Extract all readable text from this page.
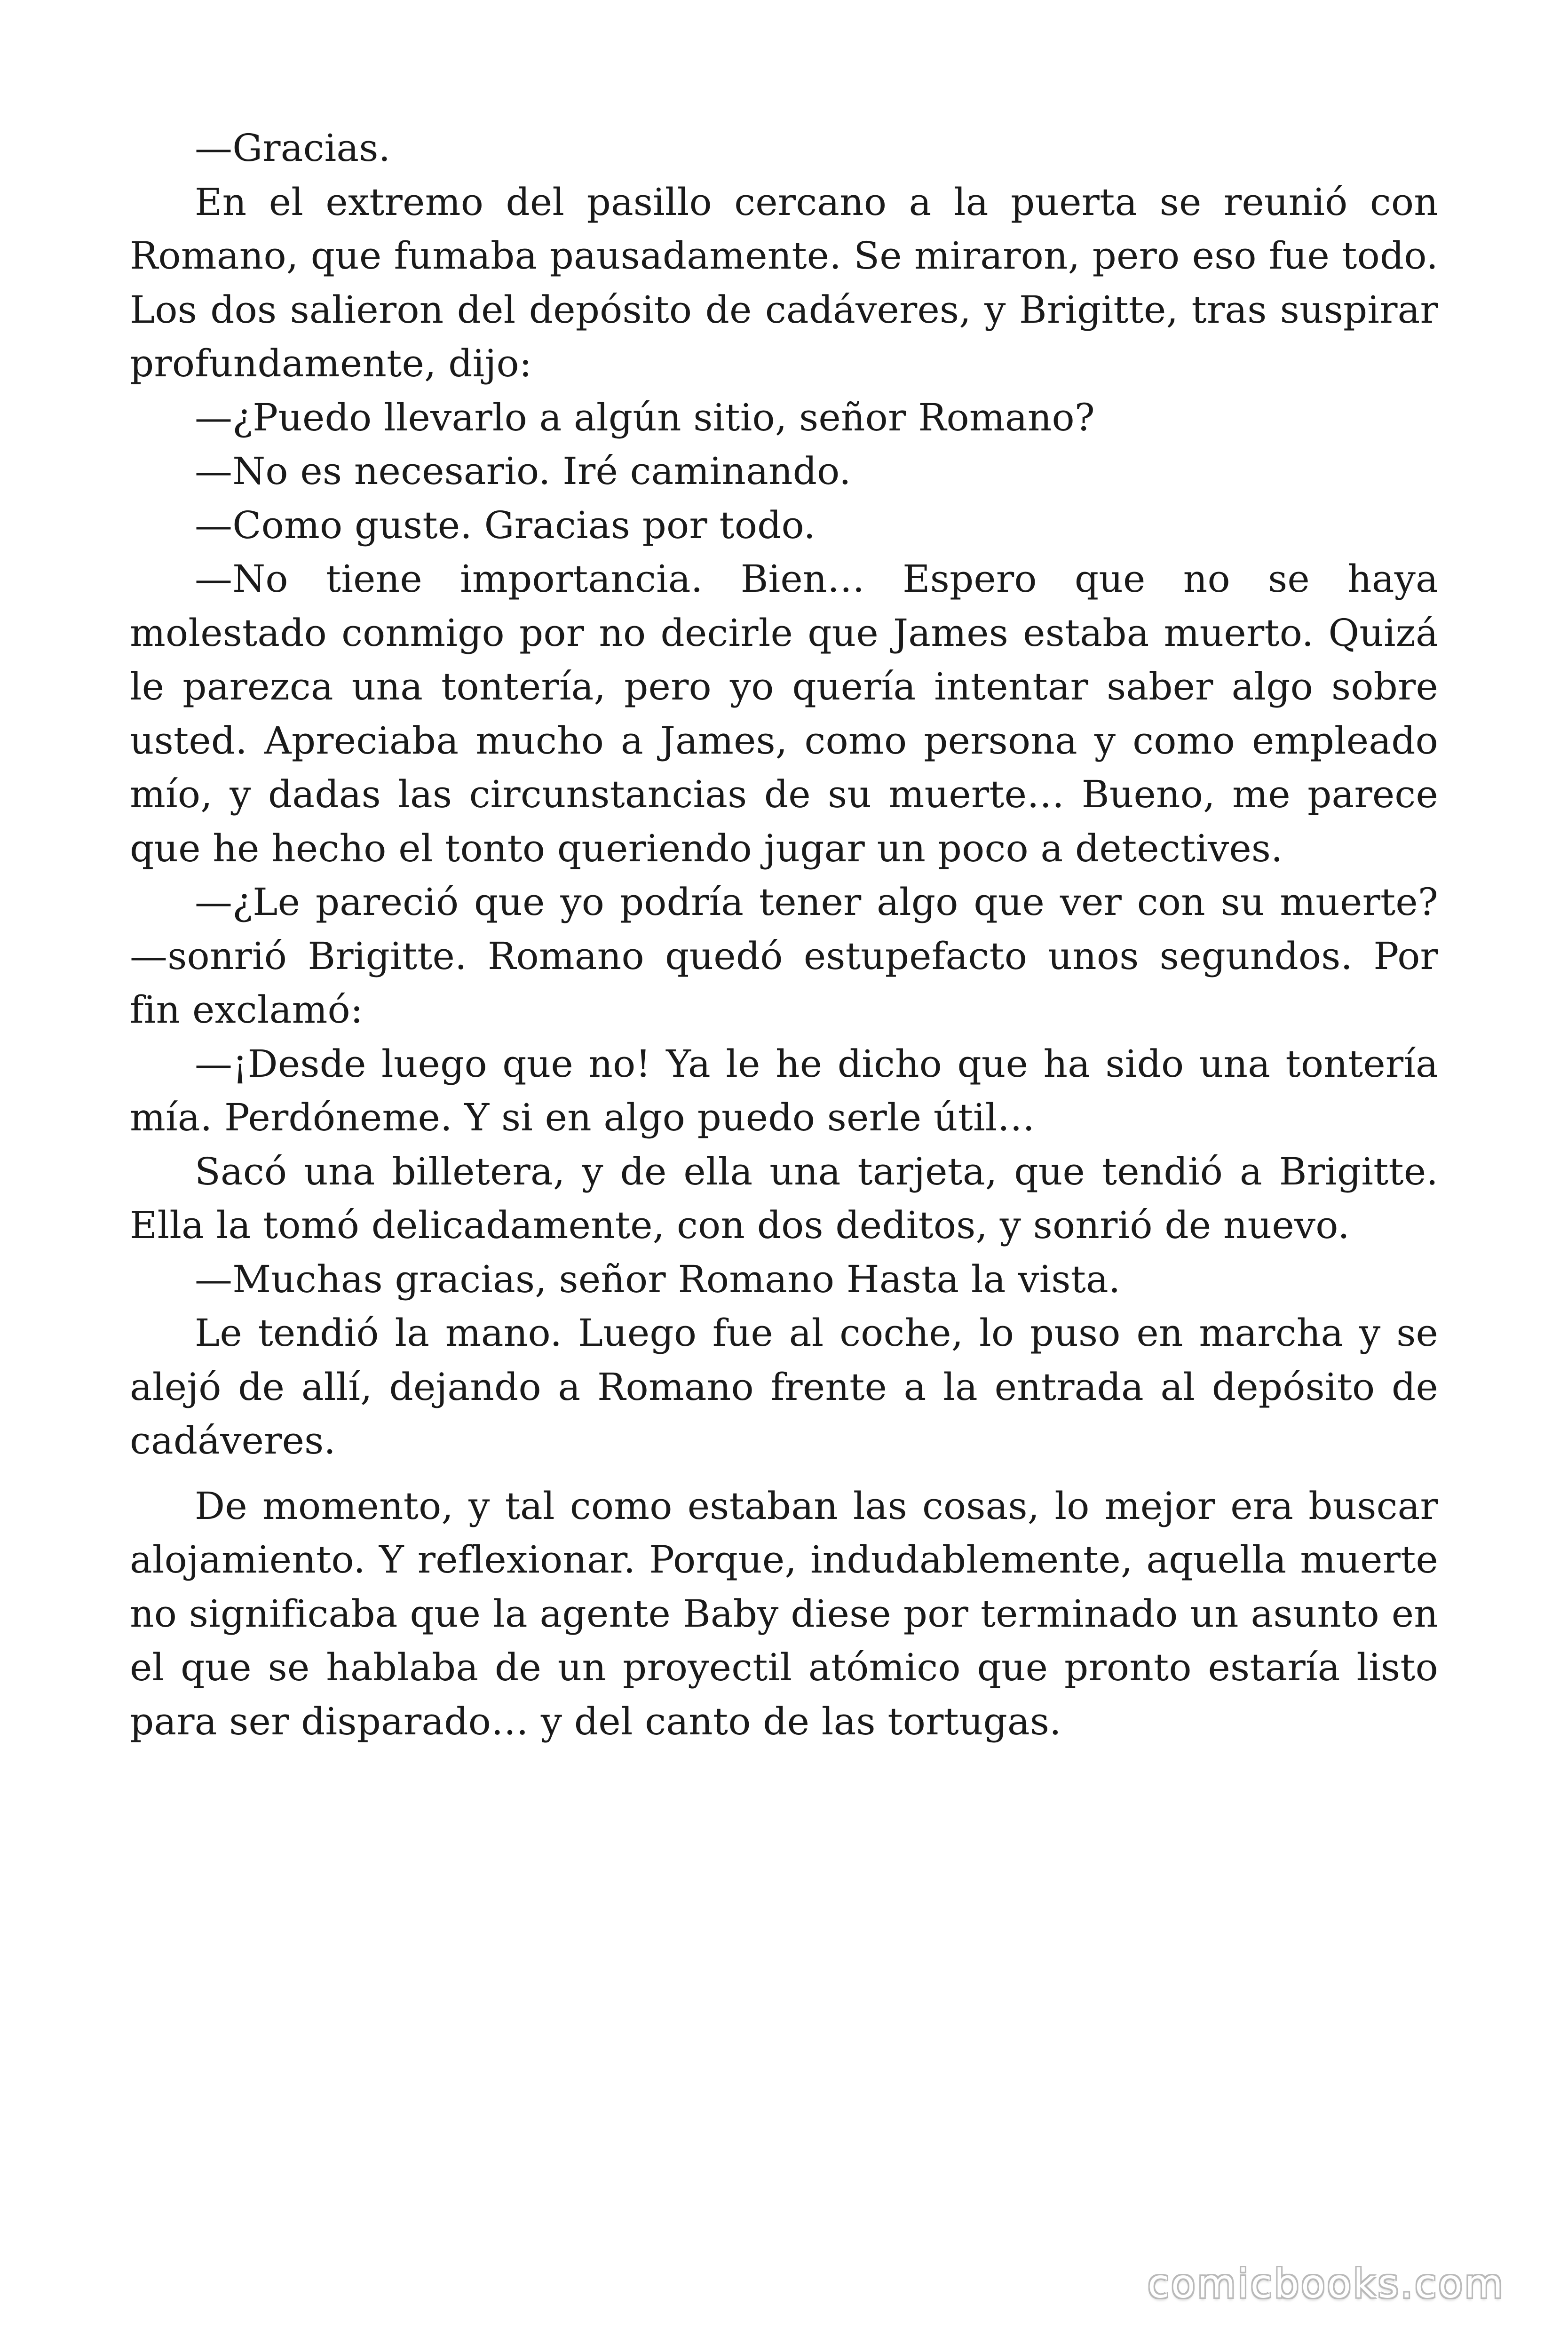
—Gracias.

En el extremo del pasillo cercano a la puerta se reunió con Romano, que fumaba pausadamente. Se miraron, pero eso fue todo. Los dos salieron del depósito de cadáveres, y Brigitte, tras suspirar profundamente, dijo:

—¿Puedo llevarlo a algún sitio, señor Romano?

—No es necesario. Iré caminando.

—Como guste. Gracias por todo.

—No tiene importancia. Bien… Espero que no se haya molestado conmigo por no decirle que James estaba muerto. Quizá le parezca una tontería, pero yo quería intentar saber algo sobre usted. Apreciaba mucho a James, como persona y como empleado mío, y dadas las circunstancias de su muerte… Bueno, me parece que he hecho el tonto queriendo jugar un poco a detectives.

—¿Le pareció que yo podría tener algo que ver con su muerte? —sonrió Brigitte. Romano quedó estupefacto unos segundos. Por fin exclamó:

—¡Desde luego que no! Ya le he dicho que ha sido una tontería mía. Perdóneme. Y si en algo puedo serle útil…

Sacó una billetera, y de ella una tarjeta, que tendió a Brigitte. Ella la tomó delicadamente, con dos deditos, y sonrió de nuevo.

—Muchas gracias, señor Romano Hasta la vista.

Le tendió la mano. Luego fue al coche, lo puso en marcha y se alejó de allí, dejando a Romano frente a la entrada al depósito de cadáveres.

De momento, y tal como estaban las cosas, lo mejor era buscar alojamiento. Y reflexionar. Porque, indudablemente, aquella muerte no significaba que la agente Baby diese por terminado un asunto en el que se hablaba de un proyectil atómico que pronto estaría listo para ser disparado… y del canto de las tortugas.

comicbooks.com
